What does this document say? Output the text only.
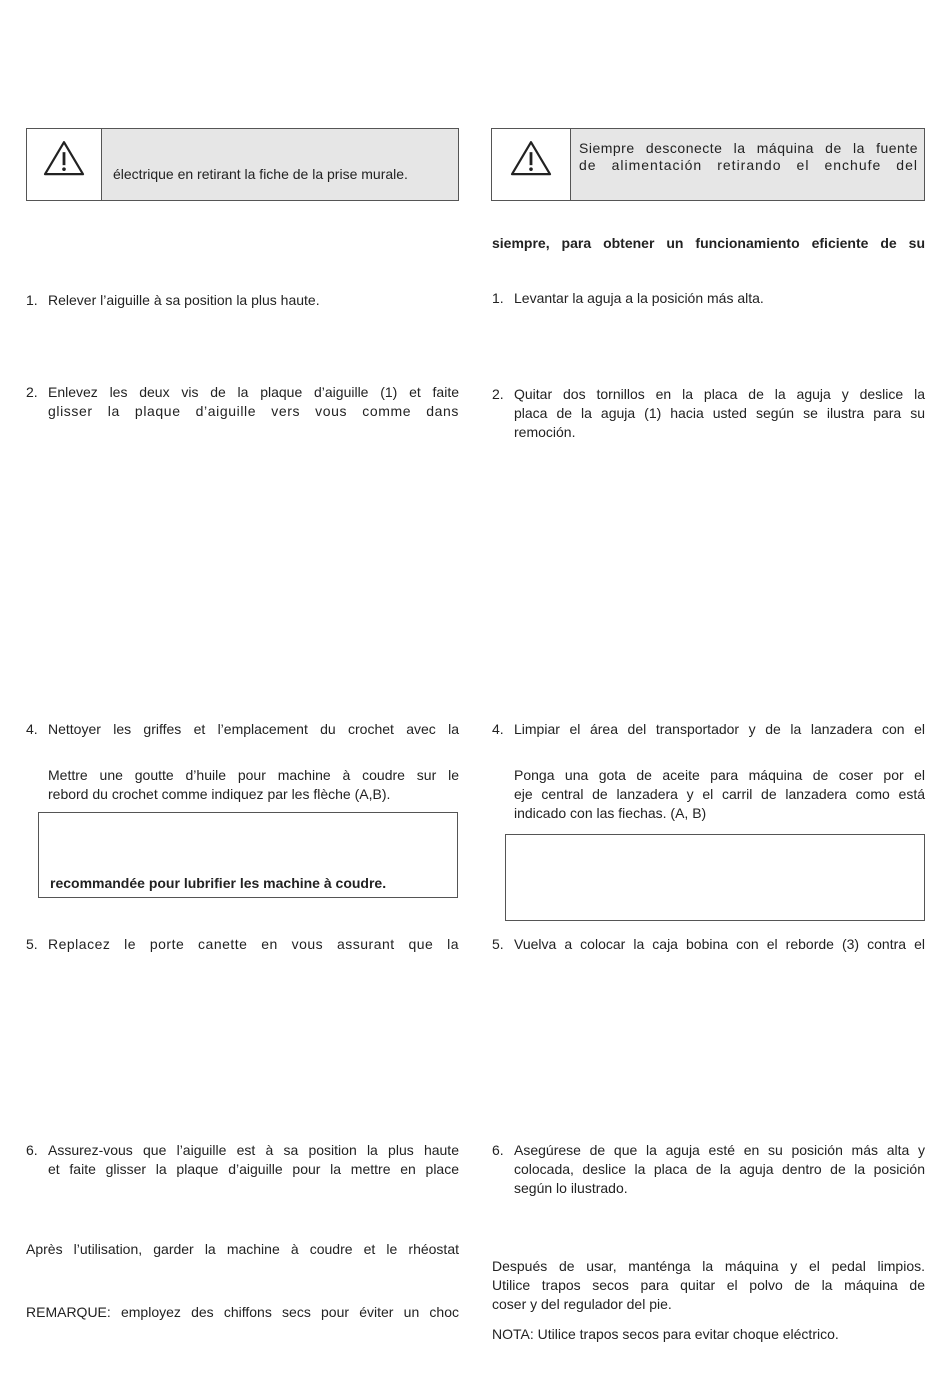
électrique en retirant la fiche de la prise murale.
1. Relever l’aiguille à sa position la plus haute.
2. Enlevez les deux vis de la plaque d’aiguille (1) et faite
glisser la plaque d’aiguille vers vous comme dans
4. Nettoyer les griffes et l’emplacement du crochet avec la
Mettre une goutte d’huile pour machine à coudre sur le
rebord du crochet comme indiquez par les flèche (A,B).
recommandée pour lubrifier les machine à coudre.
5. Replacez le porte canette en vous assurant que la
6. Assurez-vous que l’aiguille est à sa position la plus haute
et faite glisser la plaque d’aiguille pour la mettre en place
Après l’utilisation, garder la machine à coudre et le rhéostat
REMARQUE: employez des chiffons secs pour éviter un choc
Siempre desconecte la máquina de la fuente
de alimentación retirando el enchufe del
siempre, para obtener un funcionamiento eficiente de su
1. Levantar la aguja a la posición más alta.
2. Quitar dos tornillos en la placa de la aguja y deslice la
placa de la aguja (1) hacia usted según se ilustra para su
remoción.
4. Limpiar el área del transportador y de la lanzadera con el
Ponga una gota de aceite para máquina de coser por el
eje central de lanzadera y el carril de lanzadera como está
indicado con las fiechas. (A, B)
5. Vuelva a colocar la caja bobina con el reborde (3) contra el
6. Asegúrese de que la aguja esté en su posición más alta y
colocada, deslice la placa de la aguja dentro de la posición
según lo ilustrado.
Después de usar, manténga la máquina y el pedal limpios.
Utilice trapos secos para quitar el polvo de la máquina de
coser y del regulador del pie.
NOTA: Utilice trapos secos para evitar choque eléctrico.
